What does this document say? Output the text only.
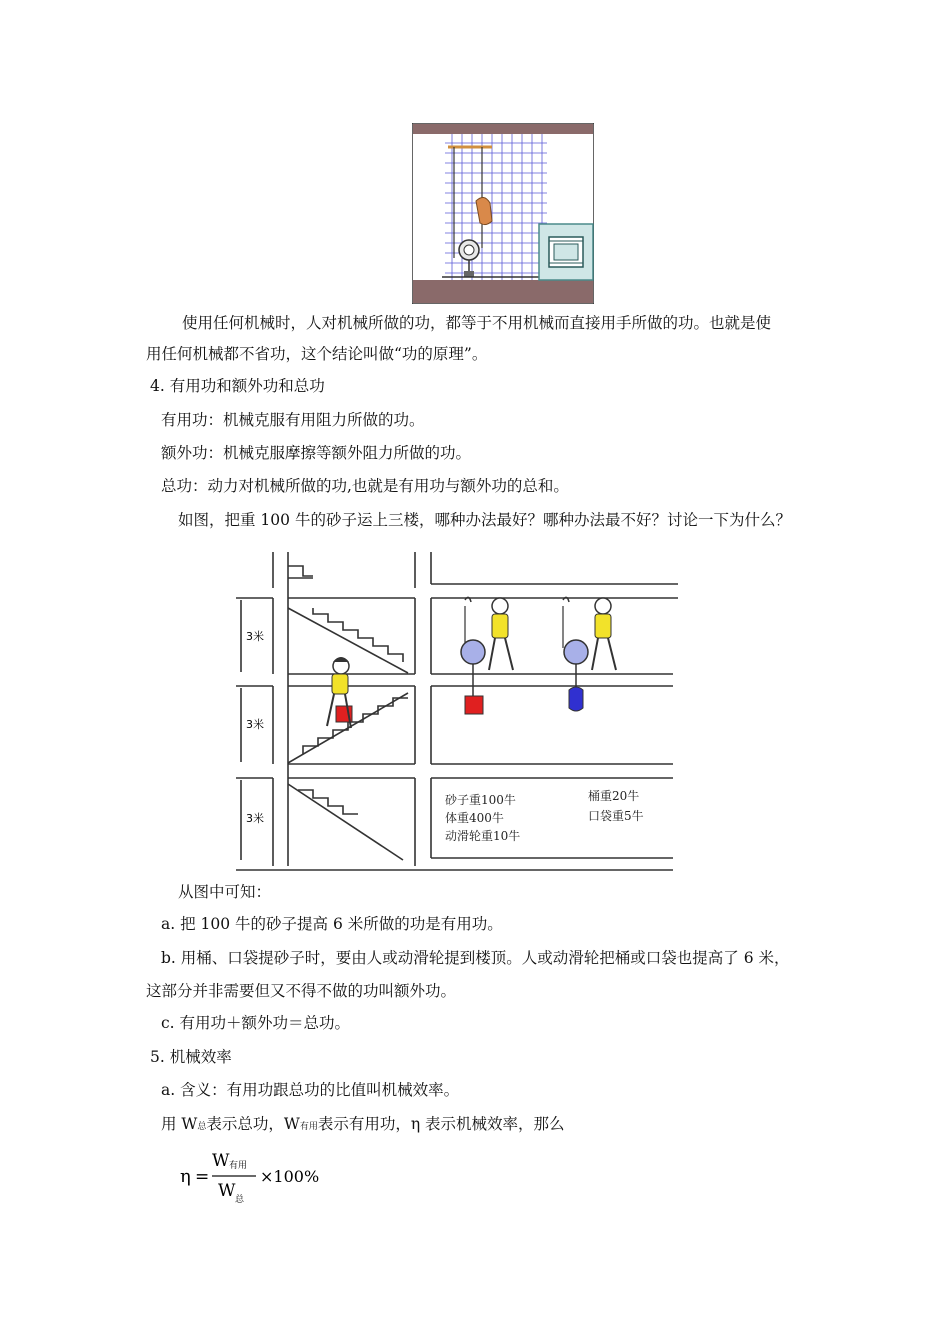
使用任何机械时，人对机械所做的功，都等于不用机械而直接用手所做的功。也就是使
用任何机械都不省功，这个结论叫做“功的原理”。
4. 有用功和额外功和总功
有用功：机械克服有用阻力所做的功。
额外功：机械克服摩擦等额外阻力所做的功。
总功：动力对机械所做的功,也就是有用功与额外功的总和。
如图，把重 100 牛的砂子运上三楼，哪种办法最好？哪种办法最不好？讨论一下为什么？
3米
3米
3米
砂子重100牛
体重400牛
动滑轮重10牛
桶重20牛
口袋重5牛
从图中可知：
a. 把 100 牛的砂子提高 6 米所做的功是有用功。
b. 用桶、口袋提砂子时，要由人或动滑轮提到楼顶。人或动滑轮把桶或口袋也提高了 6 米，
这部分并非需要但又不得不做的功叫额外功。
c. 有用功＋额外功＝总功。
5. 机械效率
a. 含义：有用功跟总功的比值叫机械效率。
用 W总表示总功，W有用表示有用功，η 表示机械效率，那么
η =
W 有用
W 总
×100%
